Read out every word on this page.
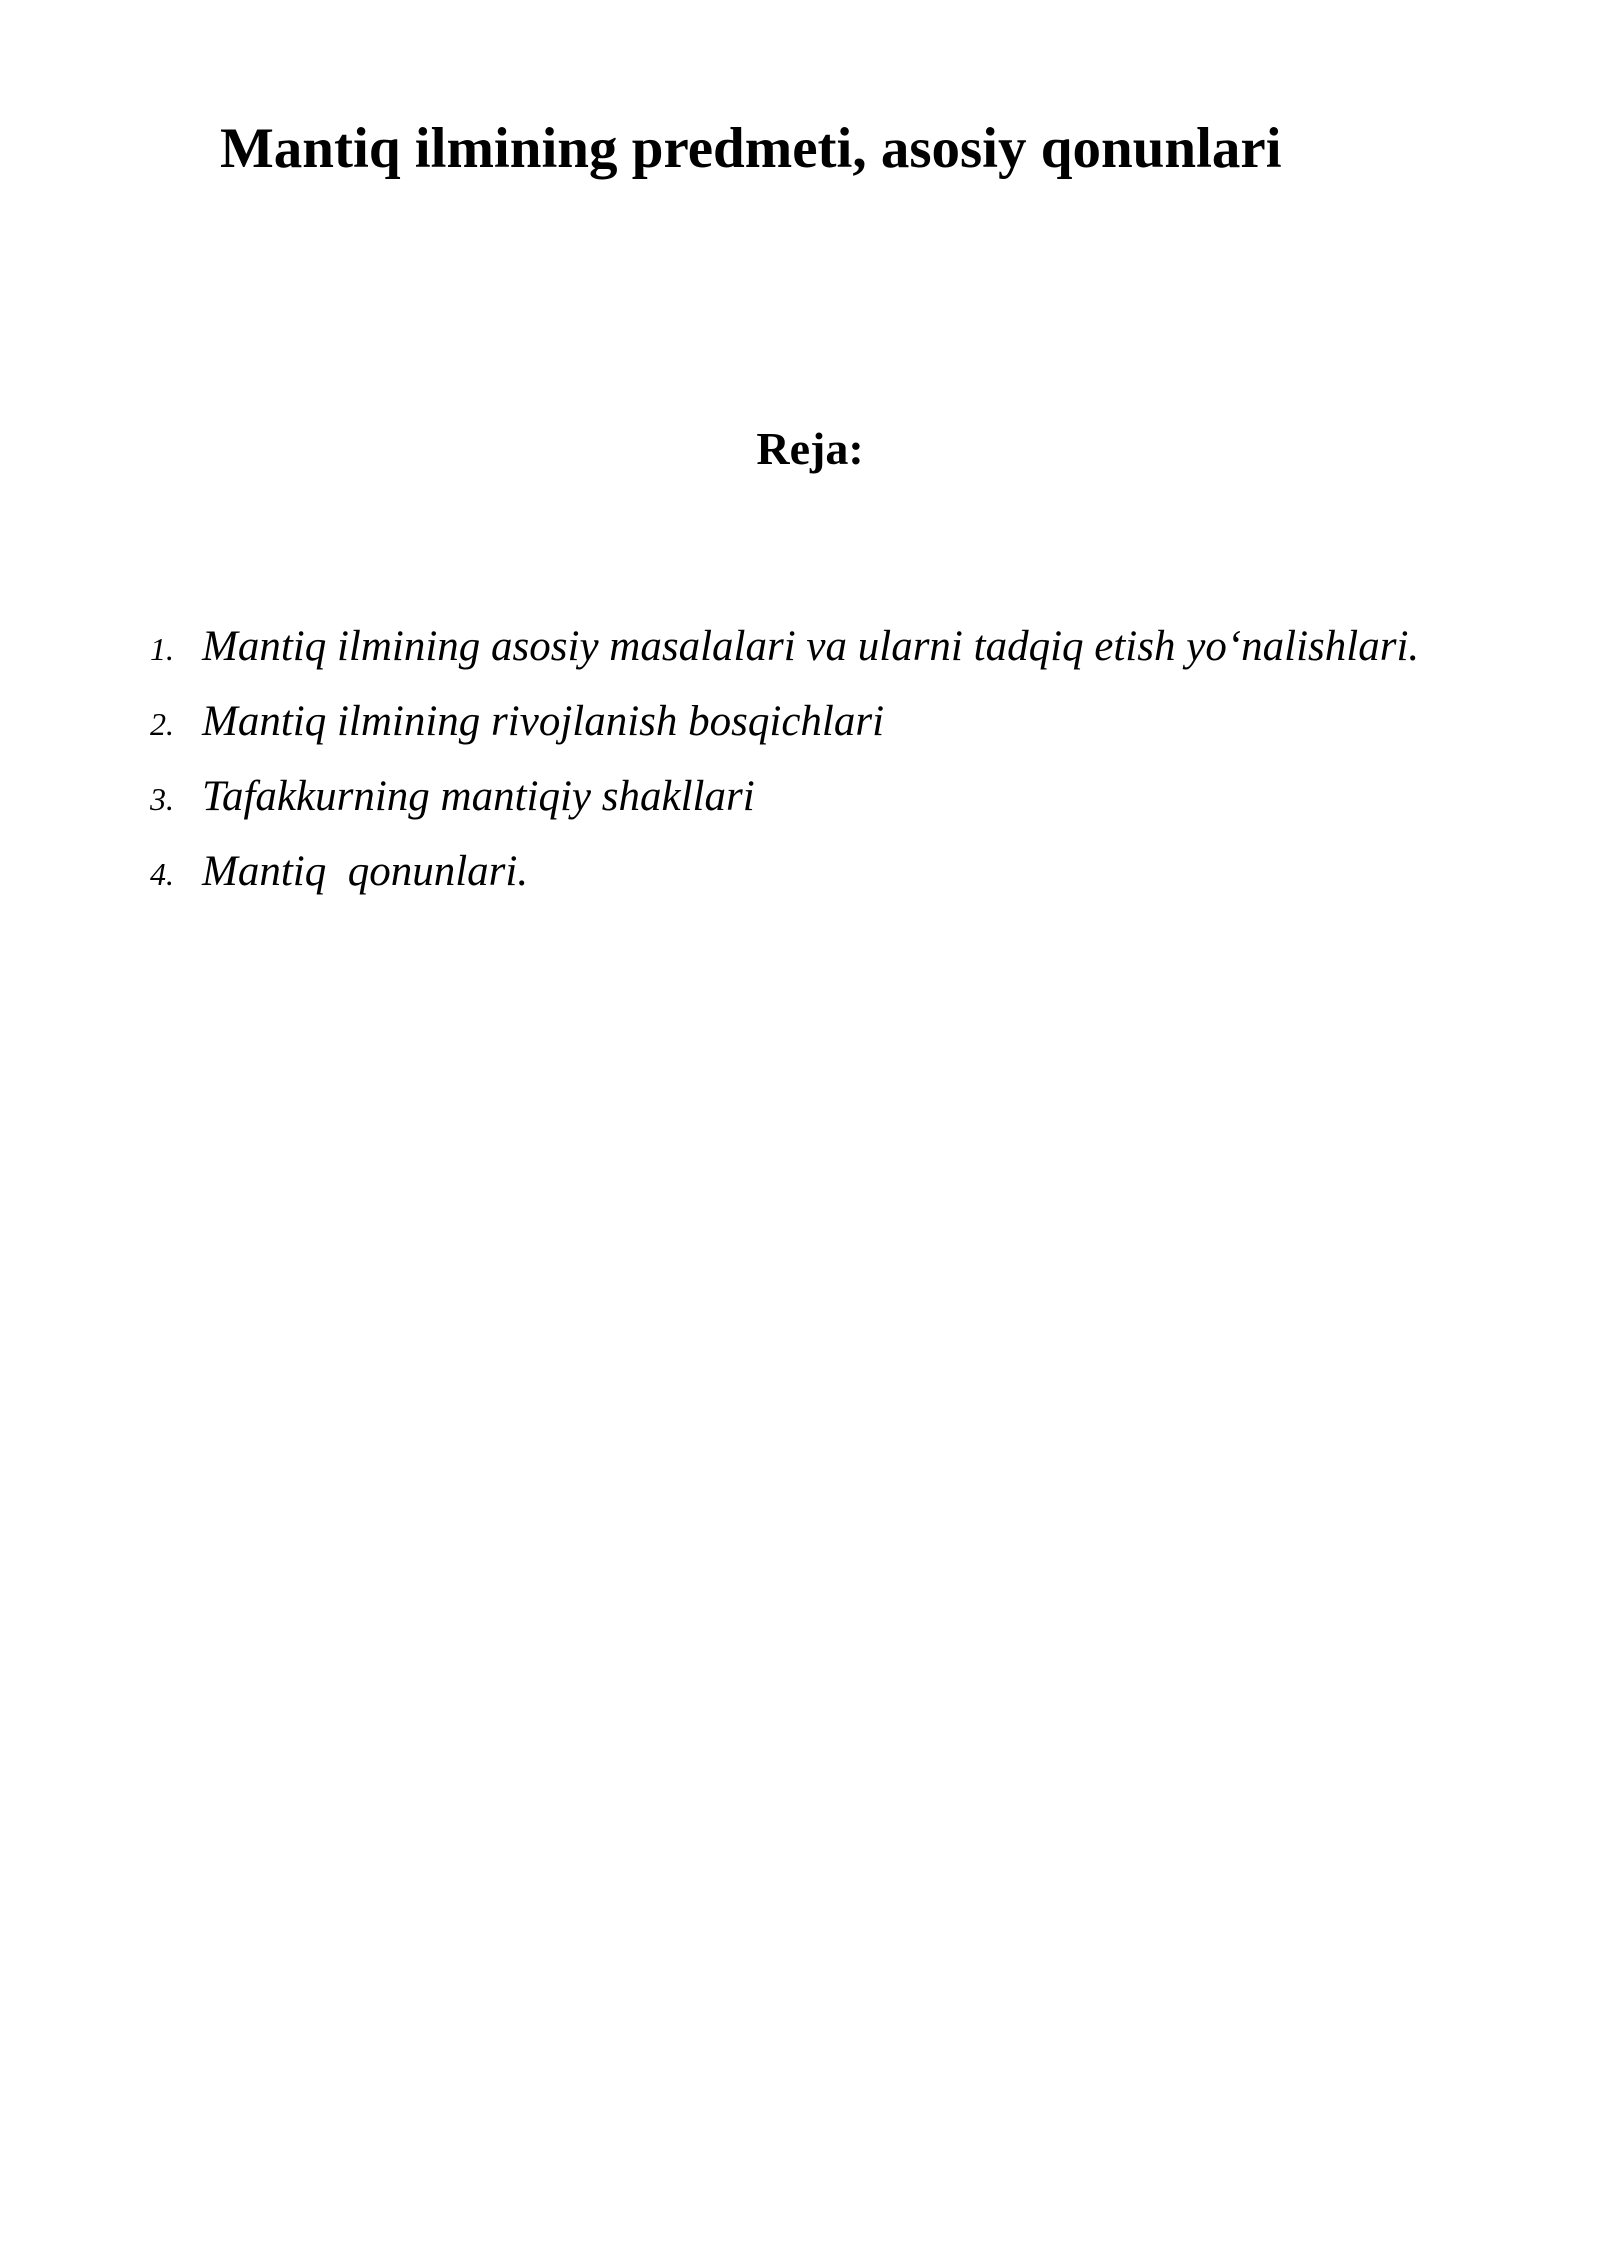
Mantiq ilmining predmeti, asosiy qonunlari
Reja:
1. Mantiq ilmining asosiy masalalari va ularni tadqiq etish yo‘nalishlari.
2. Mantiq ilmining rivojlanish bosqichlari
3. Tafakkurning mantiqiy shakllari
4. Mantiq  qonunlari.
